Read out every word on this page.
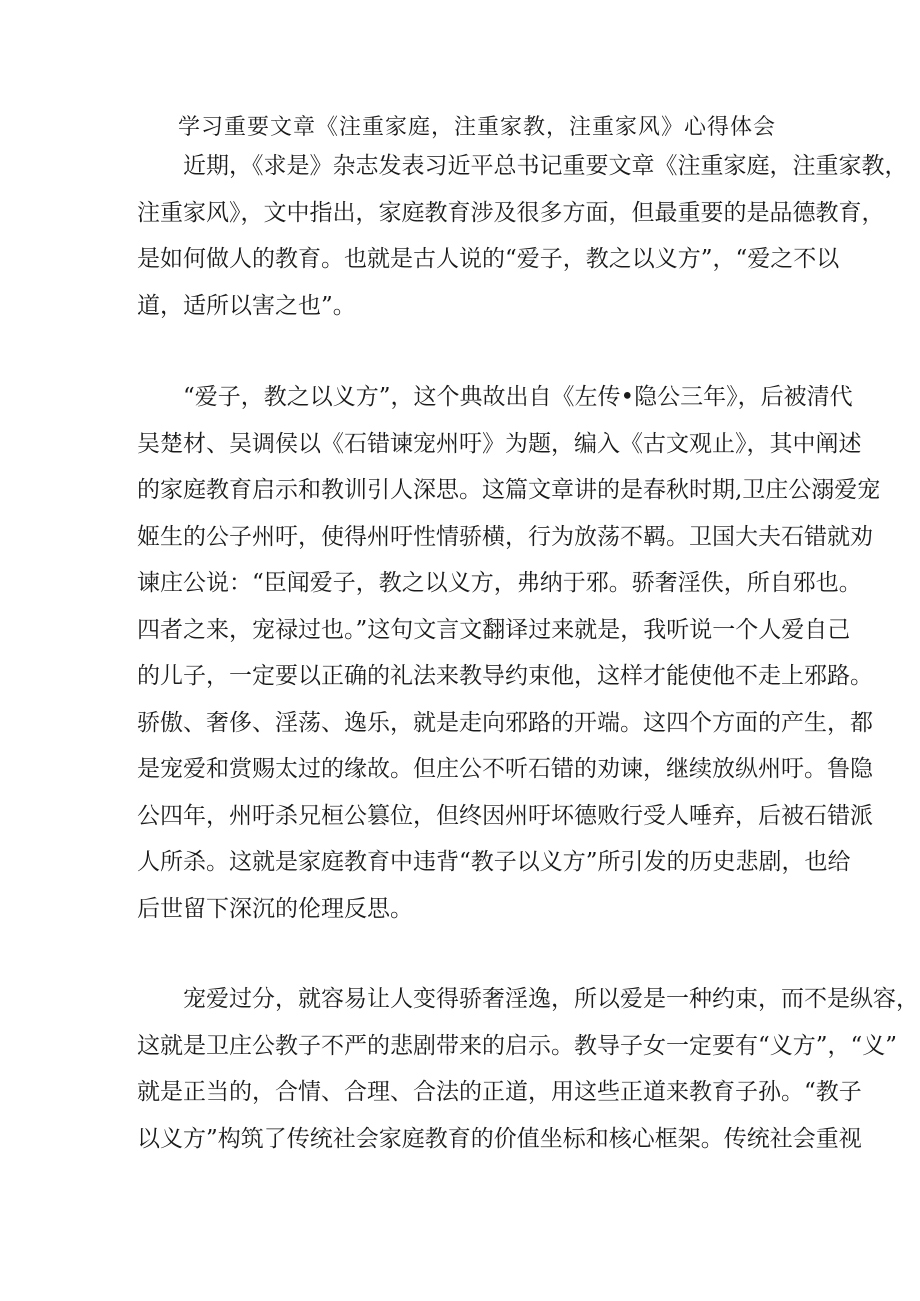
学习重要文章《注重家庭，注重家教，注重家风》心得体会
　　近期，《求是》杂志发表习近平总书记重要文章《注重家庭，注重家教，
注重家风》，文中指出，家庭教育涉及很多方面，但最重要的是品德教育，
是如何做人的教育。也就是古人说的“爱子，教之以义方”，“爱之不以
道，适所以害之也”。
　　“爱子，教之以义方”，这个典故出自《左传•隐公三年》，后被清代
吴楚材、吴调侯以《石错谏宠州吁》为题，编入《古文观止》，其中阐述
的家庭教育启示和教训引人深思。这篇文章讲的是春秋时期,卫庄公溺爱宠
姬生的公子州吁，使得州吁性情骄横，行为放荡不羁。卫国大夫石错就劝
谏庄公说：“臣闻爱子，教之以义方，弗纳于邪。骄奢淫佚，所自邪也。
四者之来，宠禄过也。”这句文言文翻译过来就是，我听说一个人爱自己
的儿子，一定要以正确的礼法来教导约束他，这样才能使他不走上邪路。
骄傲、奢侈、淫荡、逸乐，就是走向邪路的开端。这四个方面的产生，都
是宠爱和赏赐太过的缘故。但庄公不听石错的劝谏，继续放纵州吁。鲁隐
公四年，州吁杀兄桓公篡位，但终因州吁坏德败行受人唾弃，后被石错派
人所杀。这就是家庭教育中违背“教子以义方”所引发的历史悲剧，也给
后世留下深沉的伦理反思。
　　宠爱过分，就容易让人变得骄奢淫逸，所以爱是一种约束，而不是纵容，
这就是卫庄公教子不严的悲剧带来的启示。教导子女一定要有“义方”，“义”
就是正当的，合情、合理、合法的正道，用这些正道来教育子孙。“教子
以义方”构筑了传统社会家庭教育的价值坐标和核心框架。传统社会重视
